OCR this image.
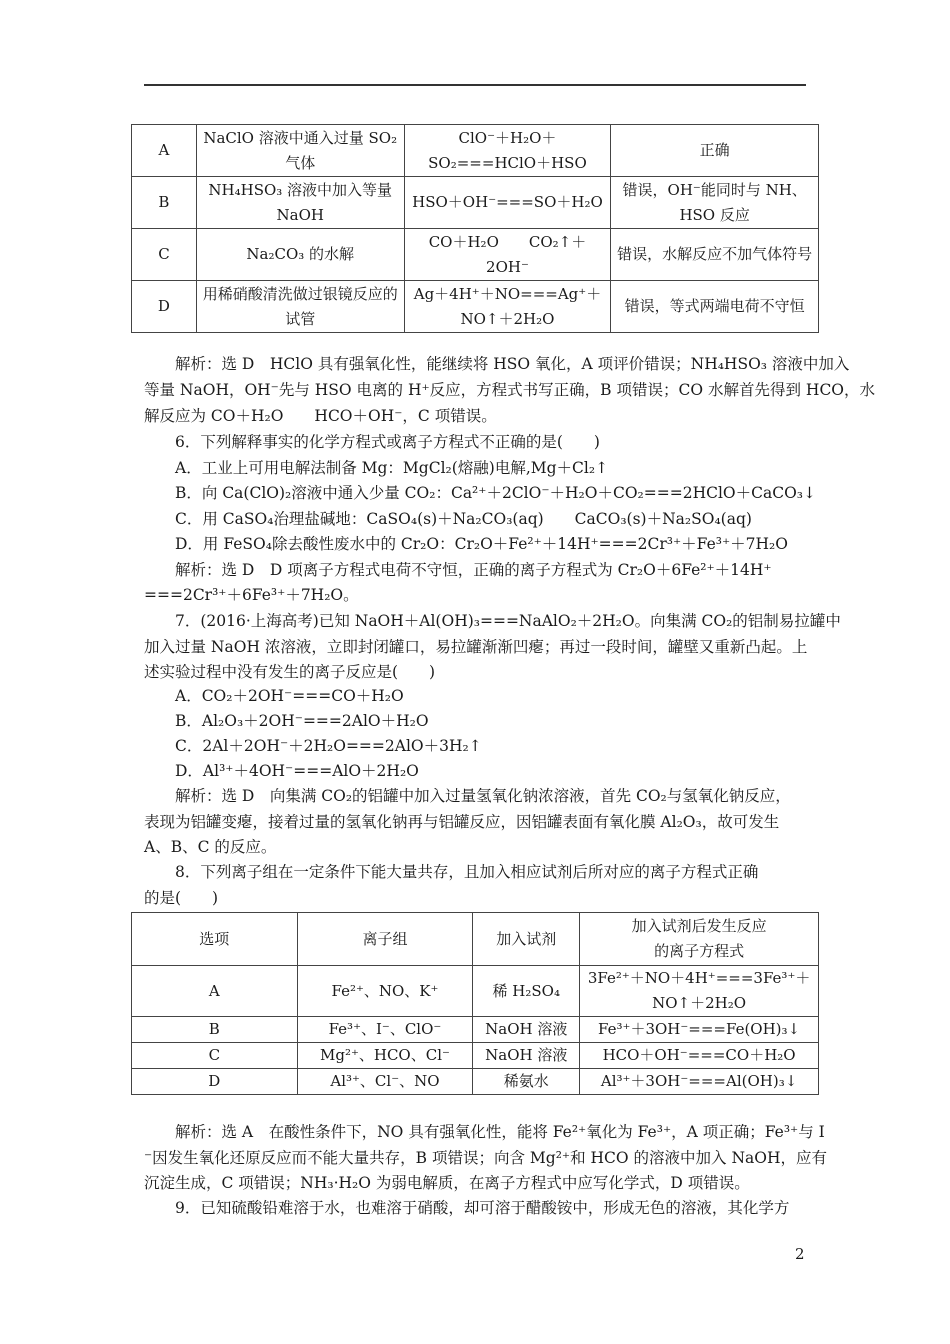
A	NaClO 溶液中通入过量 SO₂ 气体	ClO⁻＋H₂O＋SO₂===HClO＋HSO	正确
B	NH₄HSO₃ 溶液中加入等量 NaOH	HSO＋OH⁻===SO＋H₂O	错误，OH⁻能同时与 NH、HSO 反应
C	Na₂CO₃ 的水解	CO＋H₂O　　CO₂↑＋2OH⁻	错误，水解反应不加气体符号
D	用稀硝酸清洗做过银镜反应的试管	Ag＋4H⁺＋NO===Ag⁺＋NO↑＋2H₂O	错误，等式两端电荷不守恒
解析：选 D　HClO 具有强氧化性，能继续将 HSO 氧化，A 项评价错误；NH₄HSO₃ 溶液中加入
等量 NaOH，OH⁻先与 HSO 电离的 H⁺反应，方程式书写正确，B 项错误；CO 水解首先得到 HCO，水
解反应为 CO＋H₂O　　HCO＋OH⁻，C 项错误。
6．下列解释事实的化学方程式或离子方程式不正确的是(　　)
A．工业上可用电解法制备 Mg：MgCl₂(熔融)电解,Mg＋Cl₂↑
B．向 Ca(ClO)₂溶液中通入少量 CO₂：Ca²⁺＋2ClO⁻＋H₂O＋CO₂===2HClO＋CaCO₃↓
C．用 CaSO₄治理盐碱地：CaSO₄(s)＋Na₂CO₃(aq)　　CaCO₃(s)＋Na₂SO₄(aq)
D．用 FeSO₄除去酸性废水中的 Cr₂O：Cr₂O＋Fe²⁺＋14H⁺===2Cr³⁺＋Fe³⁺＋7H₂O
解析：选 D　D 项离子方程式电荷不守恒，正确的离子方程式为 Cr₂O＋6Fe²⁺＋14H⁺
===2Cr³⁺＋6Fe³⁺＋7H₂O。
7．(2016·上海高考)已知 NaOH＋Al(OH)₃===NaAlO₂＋2H₂O。向集满 CO₂的铝制易拉罐中
加入过量 NaOH 浓溶液，立即封闭罐口，易拉罐渐渐凹瘪；再过一段时间，罐壁又重新凸起。上
述实验过程中没有发生的离子反应是(　　)
A．CO₂＋2OH⁻===CO＋H₂O
B．Al₂O₃＋2OH⁻===2AlO＋H₂O
C．2Al＋2OH⁻＋2H₂O===2AlO＋3H₂↑
D．Al³⁺＋4OH⁻===AlO＋2H₂O
解析：选 D　向集满 CO₂的铝罐中加入过量氢氧化钠浓溶液，首先 CO₂与氢氧化钠反应，
表现为铝罐变瘪，接着过量的氢氧化钠再与铝罐反应，因铝罐表面有氧化膜 Al₂O₃，故可发生
A、B、C 的反应。
8．下列离子组在一定条件下能大量共存，且加入相应试剂后所对应的离子方程式正确
的是(　　)
选项	离子组	加入试剂	加入试剂后发生反应的离子方程式
A	Fe²⁺、NO、K⁺	稀 H₂SO₄	3Fe²⁺＋NO＋4H⁺===3Fe³⁺＋NO↑＋2H₂O
B	Fe³⁺、I⁻、ClO⁻	NaOH 溶液	Fe³⁺＋3OH⁻===Fe(OH)₃↓
C	Mg²⁺、HCO、Cl⁻	NaOH 溶液	HCO＋OH⁻===CO＋H₂O
D	Al³⁺、Cl⁻、NO	稀氨水	Al³⁺＋3OH⁻===Al(OH)₃↓
解析：选 A　在酸性条件下，NO 具有强氧化性，能将 Fe²⁺氧化为 Fe³⁺，A 项正确；Fe³⁺与 I
⁻因发生氧化还原反应而不能大量共存，B 项错误；向含 Mg²⁺和 HCO 的溶液中加入 NaOH，应有
沉淀生成，C 项错误；NH₃·H₂O 为弱电解质，在离子方程式中应写化学式，D 项错误。
9．已知硫酸铅难溶于水，也难溶于硝酸，却可溶于醋酸铵中，形成无色的溶液，其化学方
2
